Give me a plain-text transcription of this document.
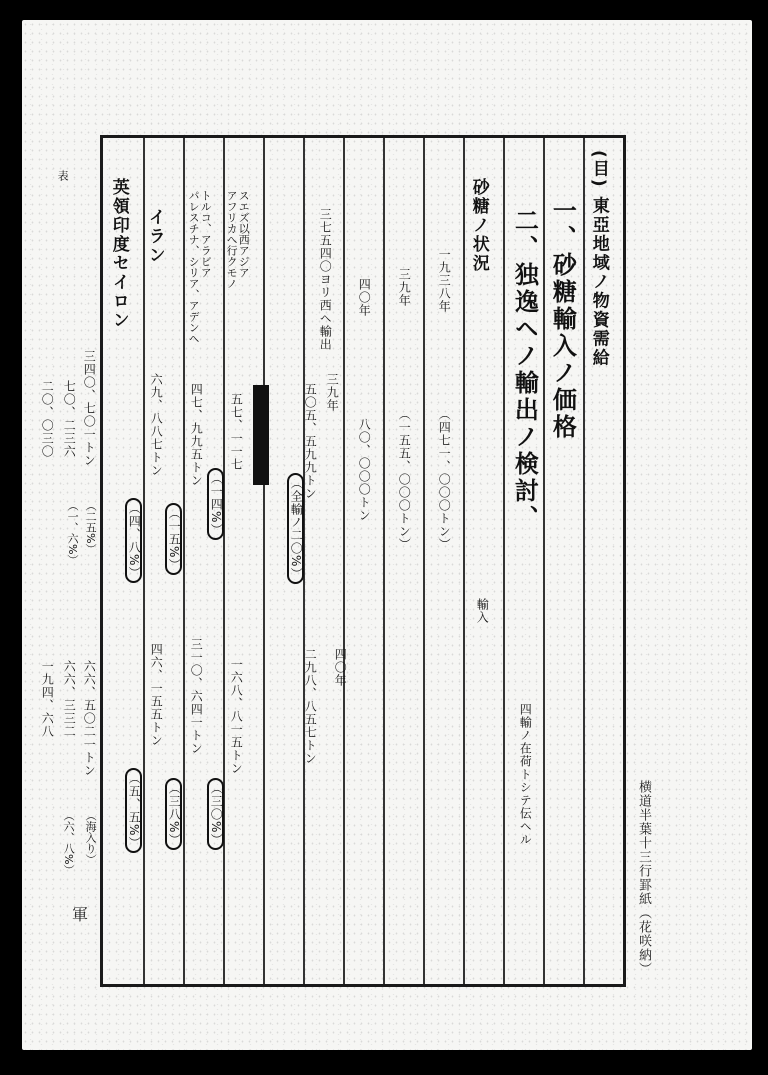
(目) 東亞地域ノ物資需給
一、砂糖輸入ノ価格
二、独逸ヘノ輸出ノ検討、
四輸ノ在荷トシテ伝ヘル
砂糖ノ状況
輸入
一九三八年
（四七一、〇〇〇トン）
三九年
（一五五、〇〇〇トン）
四〇年
八〇、〇〇〇トン
三七五四〇ヨリ西ヘ輸出
三九年
五〇五、五九九トン
（全輸ノ二〇%）
二九八、八五七トン 四〇年
スエズ以西アジア
アフリカへ行クモノ
五七、一一七
（一四%）
一六八、八一五トン
（三〇%）
トルコ、アラビア
パレスチナ、シリア、アデンヘ
四七、九九五トン
（一五%）
三一〇、六四一トン
（三八%）
イラン
六九、八八七トン
（四、八%）
四六、一五五トン
（五、五%）
英領印度セイロン
表
三四〇、七〇一トン
七〇、二三六
二〇、〇三〇
六六、五〇二一トン
六六、三三二
一九四、六八
（二五%）
（一、六%）
（海入り）
（六、八%）	横道半葉十三行罫紙（花咲納）
軍
